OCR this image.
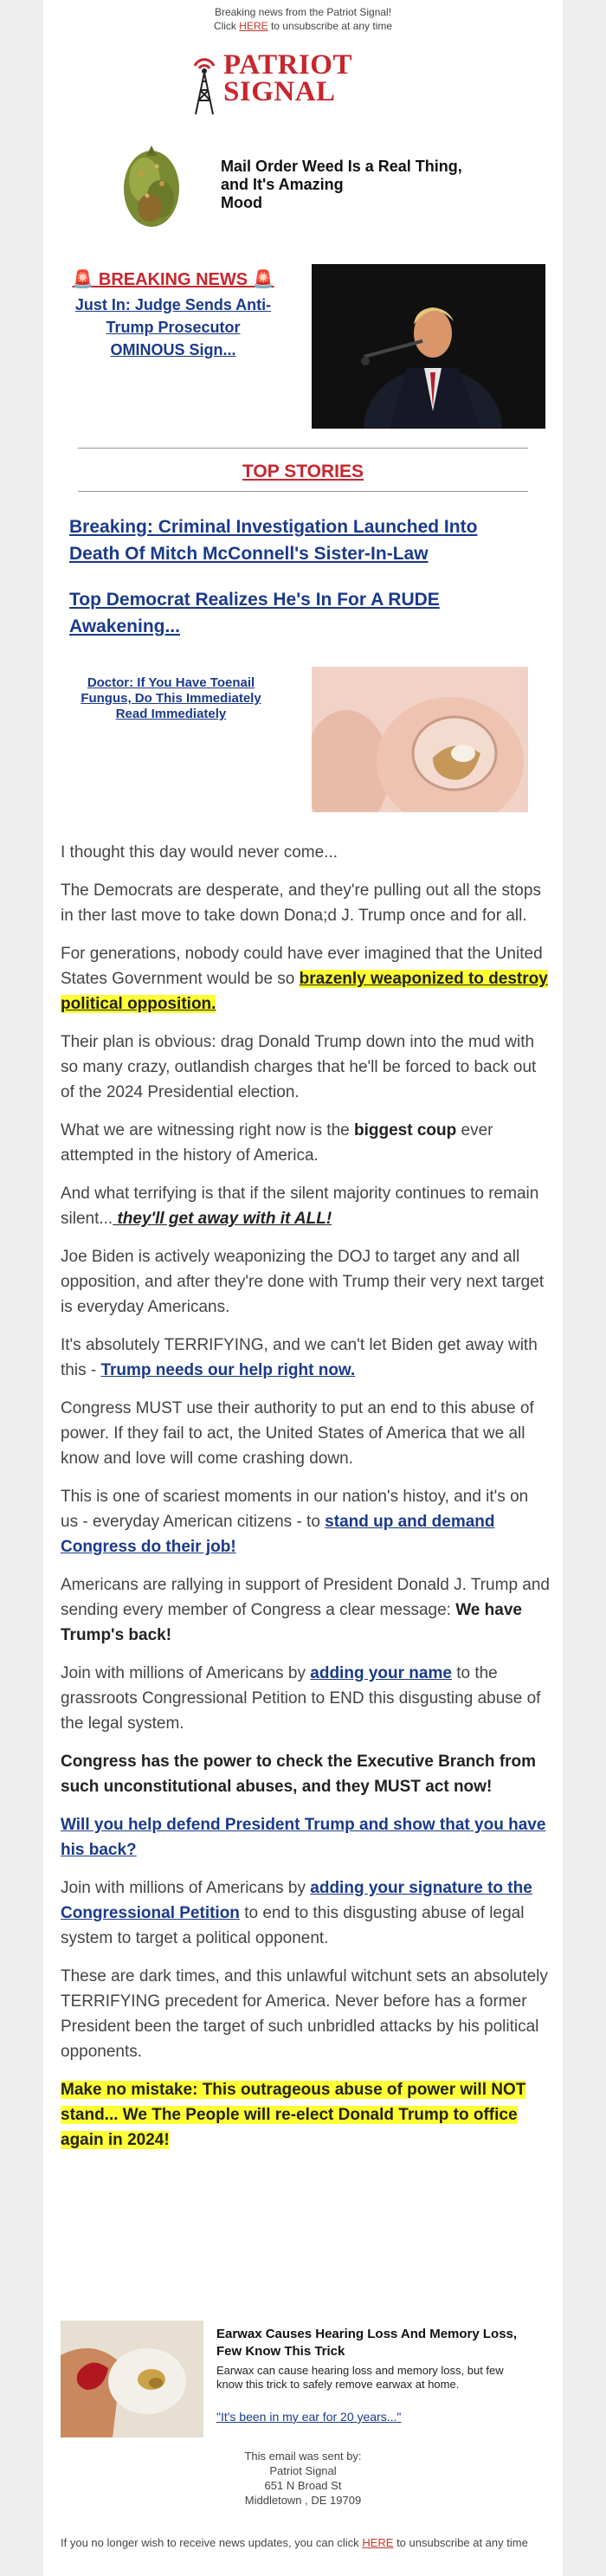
Breaking news from the Patriot Signal!
Click HERE to unsubscribe at any time
PATRIOT
SIGNAL
Mail Order Weed Is a Real Thing,
and It's Amazing
Mood
🚨 BREAKING NEWS 🚨
Just In: Judge Sends Anti-
Trump Prosecutor
OMINOUS Sign...
TOP STORIES
Breaking: Criminal Investigation Launched Into
Death Of Mitch McConnell's Sister-In-Law
Top Democrat Realizes He's In For A RUDE
Awakening...
Doctor: If You Have Toenail
Fungus, Do This Immediately
Read Immediately

I thought this day would never come...

The Democrats are desperate, and they're pulling out all the stops in ther last move to take down Dona;d J. Trump once and for all.

For generations, nobody could have ever imagined that the United States Government would be so brazenly weaponized to destroy political opposition.

Their plan is obvious: drag Donald Trump down into the mud with so many crazy, outlandish charges that he'll be forced to back out of the 2024 Presidential election.

What we are witnessing right now is the biggest coup ever attempted in the history of America.

And what terrifying is that if the silent majority continues to remain silent... they'll get away with it ALL!

Joe Biden is actively weaponizing the DOJ to target any and all opposition, and after they're done with Trump their very next target is everyday Americans.

It's absolutely TERRIFYING, and we can't let Biden get away with this - Trump needs our help right now.

Congress MUST use their authority to put an end to this abuse of power. If they fail to act, the United States of America that we all know and love will come crashing down.

This is one of scariest moments in our nation's histoy, and it's on us - everyday American citizens - to stand up and demand Congress do their job!

Americans are rallying in support of President Donald J. Trump and sending every member of Congress a clear message: We have Trump's back!

Join with millions of Americans by adding your name to the grassroots Congressional Petition to END this disgusting abuse of the legal system.

Congress has the power to check the Executive Branch from such unconstitutional abuses, and they MUST act now!

Will you help defend President Trump and show that you have his back?

Join with millions of Americans by adding your signature to the Congressional Petition to end to this disgusting abuse of legal system to target a political opponent.

These are dark times, and this unlawful witchunt sets an absolutely TERRIFYING precedent for America. Never before has a former President been the target of such unbridled attacks by his political opponents.

Make no mistake: This outrageous abuse of power will NOT stand... We The People will re-elect Donald Trump to office again in 2024!

Earwax Causes Hearing Loss And Memory Loss, Few Know This Trick
Earwax can cause hearing loss and memory loss, but few know this trick to safely remove earwax at home.
"It's been in my ear for 20 years..."
This email was sent by:
Patriot Signal
651 N Broad St
Middletown , DE 19709
If you no longer wish to receive news updates, you can click HERE to unsubscribe at any time
